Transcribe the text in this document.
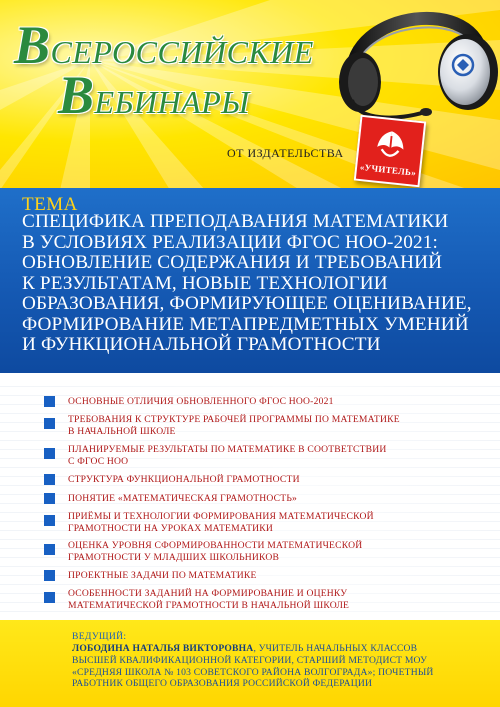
ВСЕРОССИЙСКИЕ
ВЕБИНАРЫ
ОТ ИЗДАТЕЛЬСТВА
«УЧИТЕЛЬ»
ТЕМА
СПЕЦИФИКА ПРЕПОДАВАНИЯ МАТЕМАТИКИ
В УСЛОВИЯХ РЕАЛИЗАЦИИ ФГОС НОО-2021:
ОБНОВЛЕНИЕ СОДЕРЖАНИЯ И ТРЕБОВАНИЙ
К РЕЗУЛЬТАТАМ, НОВЫЕ ТЕХНОЛОГИИ
ОБРАЗОВАНИЯ, ФОРМИРУЮЩЕЕ ОЦЕНИВАНИЕ,
ФОРМИРОВАНИЕ МЕТАПРЕДМЕТНЫХ УМЕНИЙ
И ФУНКЦИОНАЛЬНОЙ ГРАМОТНОСТИ
ОСНОВНЫЕ ОТЛИЧИЯ ОБНОВЛЕННОГО ФГОС НОО-2021
ТРЕБОВАНИЯ К СТРУКТУРЕ РАБОЧЕЙ ПРОГРАММЫ ПО МАТЕМАТИКЕ
В НАЧАЛЬНОЙ ШКОЛЕ
ПЛАНИРУЕМЫЕ РЕЗУЛЬТАТЫ ПО МАТЕМАТИКЕ В СООТВЕТСТВИИ
С ФГОС НОО
СТРУКТУРА ФУНКЦИОНАЛЬНОЙ ГРАМОТНОСТИ
ПОНЯТИЕ «МАТЕМАТИЧЕСКАЯ ГРАМОТНОСТЬ»
ПРИЁМЫ И ТЕХНОЛОГИИ ФОРМИРОВАНИЯ МАТЕМАТИЧЕСКОЙ
ГРАМОТНОСТИ НА УРОКАХ МАТЕМАТИКИ
ОЦЕНКА УРОВНЯ СФОРМИРОВАННОСТИ МАТЕМАТИЧЕСКОЙ
ГРАМОТНОСТИ У МЛАДШИХ ШКОЛЬНИКОВ
ПРОЕКТНЫЕ ЗАДАЧИ ПО МАТЕМАТИКЕ
ОСОБЕННОСТИ ЗАДАНИЙ НА ФОРМИРОВАНИЕ И ОЦЕНКУ
МАТЕМАТИЧЕСКОЙ ГРАМОТНОСТИ В НАЧАЛЬНОЙ ШКОЛЕ
ВЕДУЩИЙ:
ЛОБОДИНА НАТАЛЬЯ ВИКТОРОВНА, УЧИТЕЛЬ НАЧАЛЬНЫХ КЛАССОВ
ВЫСШЕЙ КВАЛИФИКАЦИОННОЙ КАТЕГОРИИ, СТАРШИЙ МЕТОДИСТ МОУ
«СРЕДНЯЯ ШКОЛА № 103 СОВЕТСКОГО РАЙОНА ВОЛГОГРАДА»; ПОЧЕТНЫЙ
РАБОТНИК ОБЩЕГО ОБРАЗОВАНИЯ РОССИЙСКОЙ ФЕДЕРАЦИИ
